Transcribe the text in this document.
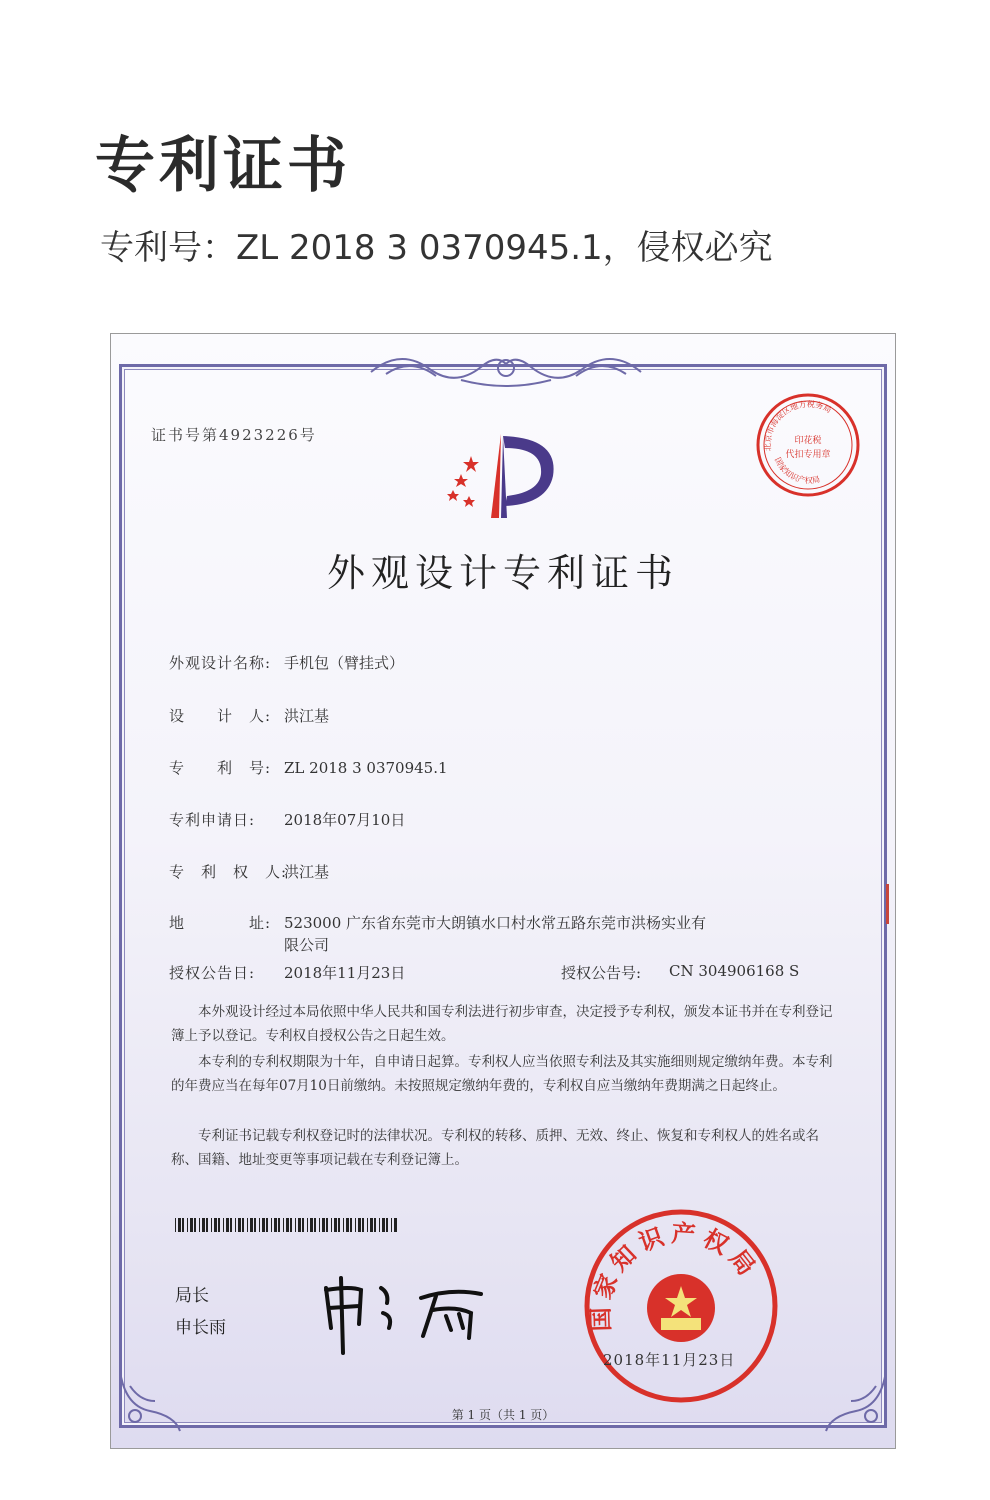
专利证书

专利号：ZL 2018 3 0370945.1，侵权必究

证书号第4923226号
北京市海淀区地方税务局
印花税
代扣专用章
国家知识产权局
外观设计专利证书
外观设计名称: 手机包（臂挂式）
设　　计　人: 洪江基
专　　利　号: ZL 2018 3 0370945.1
专利申请日:	2018年07月10日
专　利　权　人:
洪江基
地　　　　址: 523000 广东省东莞市大朗镇水口村水常五路东莞市洪杨实业有限公司
授权公告日:	2018年11月23日	授权公告号:	CN 304906168 S

本外观设计经过本局依照中华人民共和国专利法进行初步审查，决定授予专利权，颁发本证书并在专利登记簿上予以登记。专利权自授权公告之日起生效。

本专利的专利权期限为十年，自申请日起算。专利权人应当依照专利法及其实施细则规定缴纳年费。本专利的年费应当在每年07月10日前缴纳。未按照规定缴纳年费的，专利权自应当缴纳年费期满之日起终止。

专利证书记载专利权登记时的法律状况。专利权的转移、质押、无效、终止、恢复和专利权人的姓名或名称、国籍、地址变更等事项记载在专利登记簿上。

局长
申长雨	国家知识产权局
2018年11月23日
第 1 页（共 1 页）
